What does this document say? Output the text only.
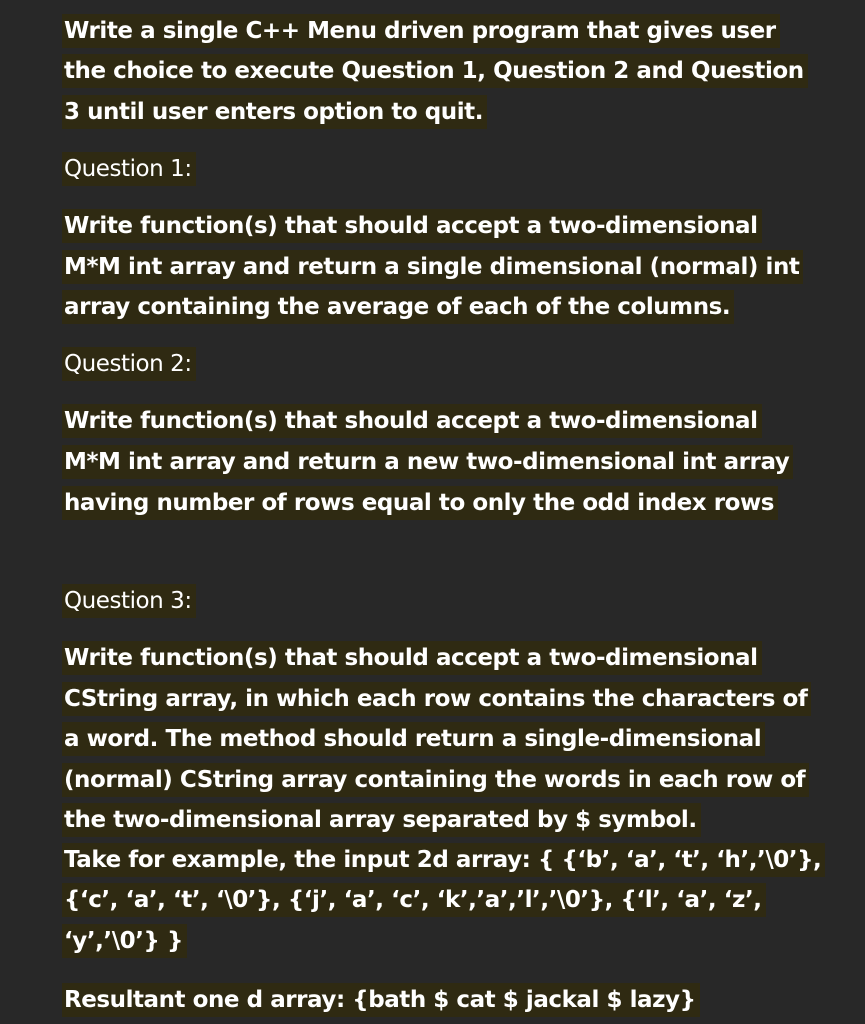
Write a single C++ Menu driven program that gives user
the choice to execute Question 1, Question 2 and Question
3 until user enters option to quit.
Question 1:
Write function(s) that should accept a two-dimensional
M*M int array and return a single dimensional (normal) int
array containing the average of each of the columns.
Question 2:
Write function(s) that should accept a two-dimensional
M*M int array and return a new two-dimensional int array
having number of rows equal to only the odd index rows
Question 3:
Write function(s) that should accept a two-dimensional
CString array, in which each row contains the characters of
a word. The method should return a single-dimensional
(normal) CString array containing the words in each row of
the two-dimensional array separated by $ symbol.
Take for example, the input 2d array: { {‘b’, ‘a’, ‘t’, ‘h’,’\0’},
{‘c’, ‘a’, ‘t’, ‘\0’}, {‘j’, ‘a’, ‘c’, ‘k’,’a’,’l’,’\0’}, {‘l’, ‘a’, ‘z’,
‘y’,’\0’} }
Resultant one d array: {bath $ cat $ jackal $ lazy}
